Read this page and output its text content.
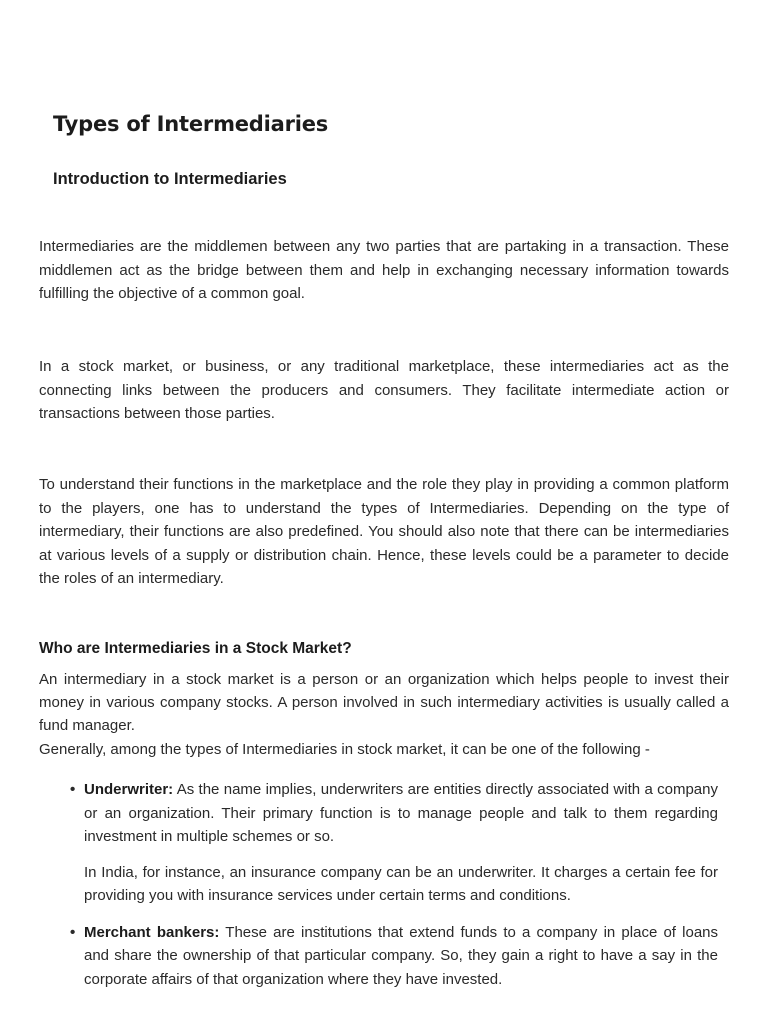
Types of Intermediaries
Introduction to Intermediaries

Intermediaries are the middlemen between any two parties that are partaking in a transaction. These middlemen act as the bridge between them and help in exchanging necessary information towards fulfilling the objective of a common goal.

In a stock market, or business, or any traditional marketplace, these intermediaries act as the connecting links between the producers and consumers. They facilitate intermediate action or transactions between those parties.

To understand their functions in the marketplace and the role they play in providing a common platform to the players, one has to understand the types of Intermediaries. Depending on the type of intermediary, their functions are also predefined. You should also note that there can be intermediaries at various levels of a supply or distribution chain. Hence, these levels could be a parameter to decide the roles of an intermediary.

Who are Intermediaries in a Stock Market?

An intermediary in a stock market is a person or an organization which helps people to invest their money in various company stocks. A person involved in such intermediary activities is usually called a fund manager.

Generally, among the types of Intermediaries in stock market, it can be one of the following -

• Underwriter: As the name implies, underwriters are entities directly associated with a company or an organization. Their primary function is to manage people and talk to them regarding investment in multiple schemes or so.
In India, for instance, an insurance company can be an underwriter. It charges a certain fee for providing you with insurance services under certain terms and conditions.
• Merchant bankers: These are institutions that extend funds to a company in place of loans and share the ownership of that particular company. So, they gain a right to have a say in the corporate affairs of that organization where they have invested.
